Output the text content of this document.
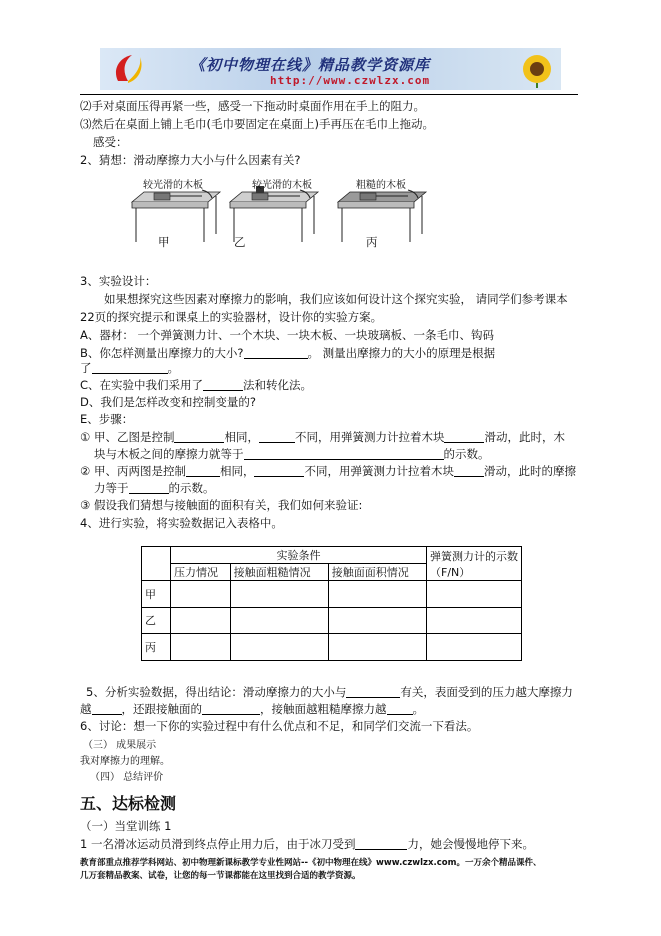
《初中物理在线》精品教学资源库
http://www.czwlzx.com
⑵手对桌面压得再紧一些，感受一下拖动时桌面作用在手上的阻力。
⑶然后在桌面上铺上毛巾(毛巾要固定在桌面上)手再压在毛巾上拖动。
感受：
2、猜想：滑动摩擦力大小与什么因素有关?
较光滑的木板
甲
较光滑的木板
乙
粗糙的木板
丙
3、实验设计：
如果想探究这些因素对摩擦力的影响，我们应该如何设计这个探究实验， 请同学们参考课本
22页的探究提示和课桌上的实验器材，设计你的实验方案。
A、器材： 一个弹簧测力计、一个木块、一块木板、一块玻璃板、一条毛巾、钩码
B、你怎样测量出摩擦力的大小?	。 测量出摩擦力的大小的原理是根据
了	。
C、在实验中我们采用了	法和转化法。
D、我们是怎样改变和控制变量的?
E、步骤：
① 甲、乙图是控制	相同，	不同，用弹簧测力计拉着木块	滑动，此时，木
块与木板之间的摩擦力就等于	的示数。
② 甲、丙两图是控制	相同，	不同，用弹簧测力计拉着木块	滑动，此时的摩擦
力等于	的示数。
③ 假设我们猜想与接触面的面积有关，我们如何来验证:
4、进行实验，将实验数据记入表格中。
	实验条件			弹簧测力计的示数（F/N）
	压力情况	接触面粗糙情况	接触面面积情况	
甲				
乙				
丙				
5、分析实验数据，得出结论：滑动摩擦力的大小与	有关，表面受到的压力越大摩擦力
越	，还跟接触面的	，接触面越粗糙摩擦力越 。
6、讨论：想一下你的实验过程中有什么优点和不足，和同学们交流一下看法。
（三） 成果展示
我对摩擦力的理解。
（四） 总结评价
五、达标检测
（一）当堂训练 1
1 一名滑冰运动员滑到终点停止用力后，由于冰刀受到	力，她会慢慢地停下来。
教育部重点推荐学科网站、初中物理新课标教学专业性网站--《初中物理在线》www.czwlzx.com。一万余个精品课件、
几万套精品教案、试卷，让您的每一节课都能在这里找到合适的教学资源。
